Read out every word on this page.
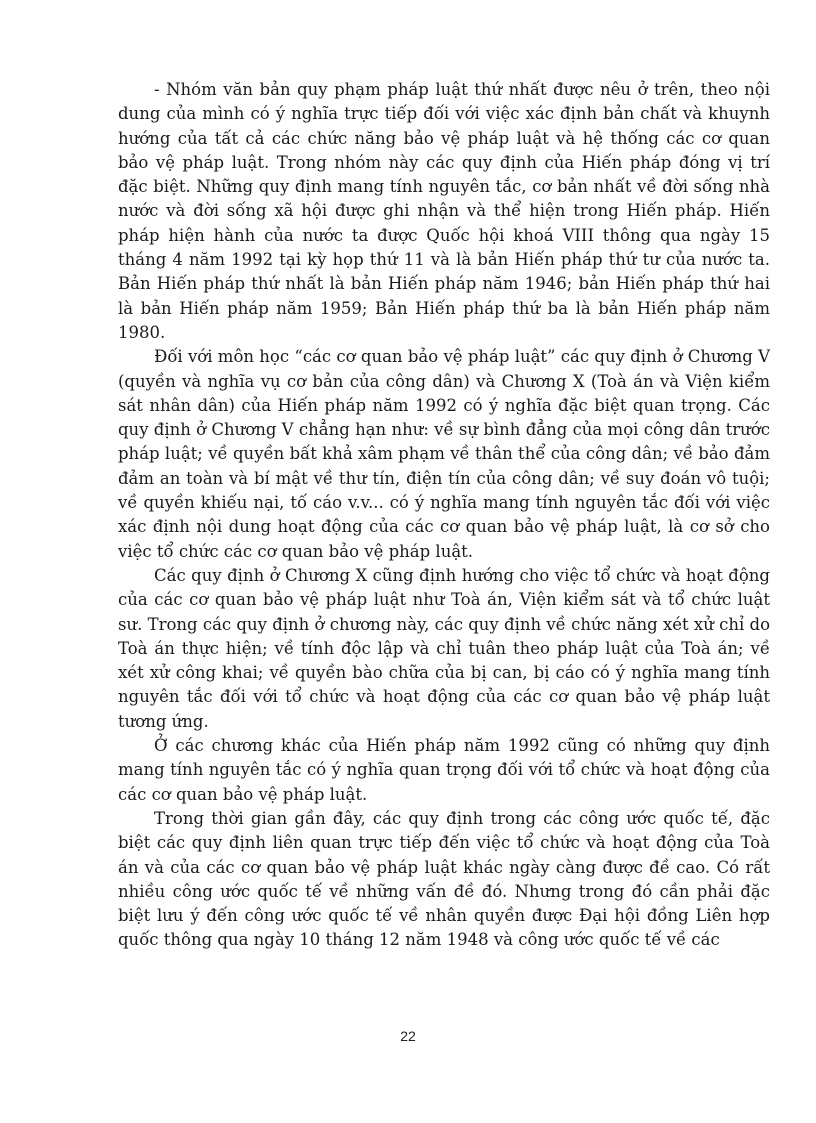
- Nhóm văn bản quy phạm pháp luật thứ nhất được nêu ở trên, theo nội dung của mình có ý nghĩa trực tiếp đối với việc xác định bản chất và khuynh hướng của tất cả các chức năng bảo vệ pháp luật và hệ thống các cơ quan bảo vệ pháp luật. Trong nhóm này các quy định của Hiến pháp đóng vị trí đặc biệt. Những quy định mang tính nguyên tắc, cơ bản nhất về đời sống nhà nước và đời sống xã hội được ghi nhận và thể hiện trong Hiến pháp. Hiến pháp hiện hành của nước ta được Quốc hội khoá VIII thông qua ngày 15 tháng 4 năm 1992 tại kỳ họp thứ 11 và là bản Hiến pháp thứ tư của nước ta. Bản Hiến pháp thứ nhất là bản Hiến pháp năm 1946; bản Hiến pháp thứ hai là bản Hiến pháp năm 1959; Bản Hiến pháp thứ ba là bản Hiến pháp năm 1980.

Đối với môn học “các cơ quan bảo vệ pháp luật” các quy định ở Chương V (quyền và nghĩa vụ cơ bản của công dân) và Chương X (Toà án và Viện kiểm sát nhân dân) của Hiến pháp năm 1992 có ý nghĩa đặc biệt quan trọng. Các quy định ở Chương V chẳng hạn như: về sự bình đẳng của mọi công dân trước pháp luật; về quyền bất khả xâm phạm về thân thể của công dân; về bảo đảm đảm an toàn và bí mật về thư tín, điện tín của công dân; về suy đoán vô tuội; về quyền khiếu nại, tố cáo v.v... có ý nghĩa mang tính nguyên tắc đối với việc xác định nội dung hoạt động của các cơ quan bảo vệ pháp luật, là cơ sở cho việc tổ chức các cơ quan bảo vệ pháp luật.

Các quy định ở Chương X cũng định hướng cho việc tổ chức và hoạt động của các cơ quan bảo vệ pháp luật như Toà án, Viện kiểm sát và tổ chức luật sư. Trong các quy định ở chương này, các quy định về chức năng xét xử chỉ do Toà án thực hiện; về tính độc lập và chỉ tuân theo pháp luật của Toà án; về xét xử công khai; về quyền bào chữa của bị can, bị cáo có ý nghĩa mang tính nguyên tắc đối với tổ chức và hoạt động của các cơ quan bảo vệ pháp luật tương ứng.

Ở các chương khác của Hiến pháp năm 1992 cũng có những quy định mang tính nguyên tắc có ý nghĩa quan trọng đối với tổ chức và hoạt động của các cơ quan bảo vệ pháp luật.

Trong thời gian gần đây, các quy định trong các công ước quốc tế, đặc biệt các quy định liên quan trực tiếp đến việc tổ chức và hoạt động của Toà án và của các cơ quan bảo vệ pháp luật khác ngày càng được đề cao. Có rất nhiều công ước quốc tế về những vấn đề đó. Nhưng trong đó cần phải đặc biệt lưu ý đến công ước quốc tế về nhân quyền được Đại hội đồng Liên hợp quốc thông qua ngày 10 tháng 12 năm 1948 và công ước quốc tế về các

22
